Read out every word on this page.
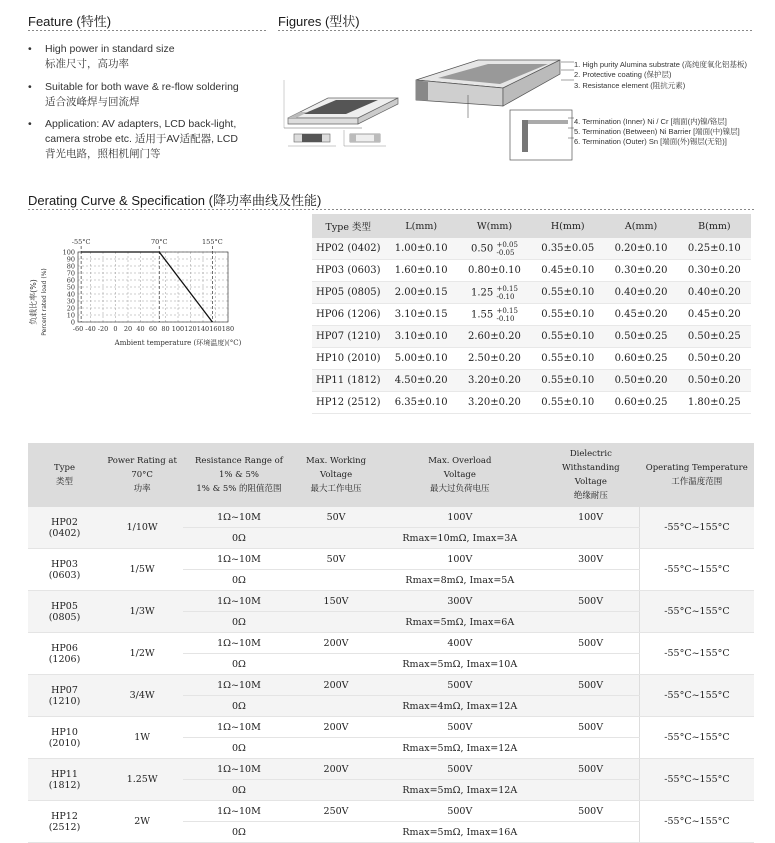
Feature (特性)
• High power in standard size
标准尺寸，高功率
• Suitable for both wave & re-flow soldering
适合波峰焊与回流焊
• Application: AV adapters, LCD back-light, camera strobe etc. 适用于AV适配器, LCD
背光电路，照相机闸门等
Figures (型状)
1. High purity Alumina substrate (高纯度氧化铝基板)
2. Protective coating (保护层)
3. Resistance element (阻抗元素)
4. Termination (Inner) Ni / Cr [端面(内)镍/铬层]
5. Termination (Between) Ni Barrier [端面(中)镍层]
6. Termination (Outer) Sn [端面(外)锡层(无铅)]
Derating Curve & Specification (降功率曲线及性能)
100
90
80
70
60
50
40
30
20
10
0
-60 -40 -20 0 20 40 60 80 100 120 140 160 180
-55°C	70°C	155°C
负载比率(%) Percent rated load (%)
Ambient temperature (环境温度)(°C)
Type 类型	L(mm)	W(mm)	H(mm)	A(mm)	B(mm)
HP02 (0402)	1.00±0.10	0.50 +0.05
-0.05	0.35±0.05	0.20±0.10	0.25±0.10
HP03 (0603)	1.60±0.10	0.80±0.10	0.45±0.10	0.30±0.20	0.30±0.20
HP05 (0805)	2.00±0.15	1.25 +0.15
-0.10	0.55±0.10	0.40±0.20	0.40±0.20
HP06 (1206)	3.10±0.15	1.55 +0.15
-0.10	0.55±0.10	0.45±0.20	0.45±0.20
HP07 (1210)	3.10±0.10	2.60±0.20	0.55±0.10	0.50±0.25	0.50±0.25
HP10 (2010)	5.00±0.10	2.50±0.20	0.55±0.10	0.60±0.25	0.50±0.20
HP11 (1812)	4.50±0.20	3.20±0.20	0.55±0.10	0.50±0.20	0.50±0.20
HP12 (2512)	6.35±0.10	3.20±0.20	0.55±0.10	0.60±0.25	1.80±0.25
Type
类型	Power Rating at
70°C
功率	Resistance Range of
1% & 5%
1% & 5% 的阻值范围	Max. Working
Voltage
最大工作电压	Max. Overload
Voltage
最大过负荷电压	Dielectric Withstanding
Voltage
绝缘耐压	Operating Temperature
工作温度范围
HP02
(0402)	1/10W	1Ω~10M	50V	100V	100V	-55°C~155°C
		0Ω		Rmax=10mΩ, Imax=3A		
HP03
(0603)	1/5W	1Ω~10M	50V	100V	300V	-55°C~155°C
		0Ω		Rmax=8mΩ, Imax=5A		
HP05
(0805)	1/3W	1Ω~10M	150V	300V	500V	-55°C~155°C
		0Ω		Rmax=5mΩ, Imax=6A		
HP06
(1206)	1/2W	1Ω~10M	200V	400V	500V	-55°C~155°C
		0Ω		Rmax=5mΩ, Imax=10A		
HP07
(1210)	3/4W	1Ω~10M	200V	500V	500V	-55°C~155°C
		0Ω		Rmax=4mΩ, Imax=12A		
HP10
(2010)	1W	1Ω~10M	200V	500V	500V	-55°C~155°C
		0Ω		Rmax=5mΩ, Imax=12A		
HP11
(1812)	1.25W	1Ω~10M	200V	500V	500V	-55°C~155°C
		0Ω		Rmax=5mΩ, Imax=12A		
HP12
(2512)	2W	1Ω~10M	250V	500V	500V	-55°C~155°C
		0Ω		Rmax=5mΩ, Imax=16A		
